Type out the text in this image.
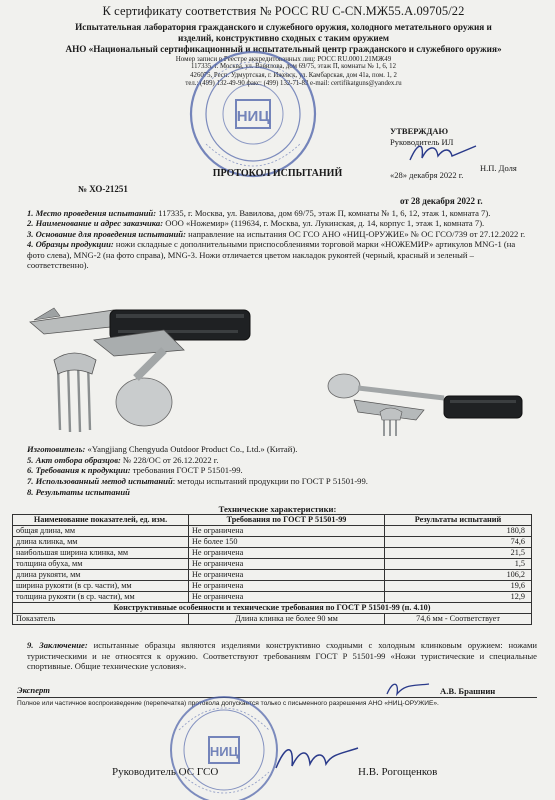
К сертификату соответствия № РОСС RU С-CN.МЖ55.А.09705/22
Испытательная лаборатория гражданского и служебного оружия, холодного метательного оружия и
изделий, конструктивно сходных с таким оружием
АНО «Национальный сертификационный и испытательный центр гражданского и служебного оружия»
Номер записи в Реестре аккредитованных лиц: РОСС RU.0001.21МЖ49
117335, г. Москва, ул. Вавилова, дом 69/75, этаж П, комнаты № 1, 6, 12
426075, Респ. Удмуртская, г. Ижевск, ул. Камбарская, дом 41а, пом. 1, 2
тел.: (499) 132-49-90 факс: (499) 132-71-83 e-mail: certifikatguns@yandex.ru
НИЦ
УТВЕРЖДАЮ
Руководитель ИЛ
Н.П. Доля
«28» декабря 2022 г.
ПРОТОКОЛ ИСПЫТАНИЙ
№ ХО-21251
от 28 декабря 2022 г.

1. Место проведения испытаний: 117335, г. Москва, ул. Вавилова, дом 69/75, этаж П, комнаты № 1, 6, 12, этаж 1, комната 7).

2. Наименование и адрес заказчика: ООО «Ножемир» (119634, г. Москва, ул. Лукинская, д. 14, корпус 1, этаж 1, комната 7).

3. Основание для проведения испытаний: направление на испытания ОС ГСО АНО «НИЦ-ОРУЖИЕ» № ОС ГСО/739 от 27.12.2022 г.

4. Образцы продукции: ножи складные с дополнительными приспособлениями торговой марки «НОЖЕМИР» артикулов MNG-1 (на фото слева), MNG-2 (на фото справа), MNG-3. Ножи отличается цветом накладок рукоятей (черный, красный и зеленый – соответственно).

Изготовитель: «Yangjiang Chengyuda Outdoor Product Co., Ltd.» (Китай).

5. Акт отбора образцов: № 228/ОС от 26.12.2022 г.

6. Требования к продукции: требования ГОСТ Р 51501-99.

7. Использованный метод испытаний: методы испытаний продукции по ГОСТ Р 51501-99.

8. Результаты испытаний

Технические характеристики:
Наименование показателей, ед. изм.	Требования по ГОСТ Р 51501-99	Результаты испытаний
общая длина, мм	Не ограничена	180,8
длина клинка, мм	Не более 150	74,6
наибольшая ширина клинка, мм	Не ограничена	21,5
толщина обуха, мм	Не ограничена	1,5
длина рукояти, мм	Не ограничена	106,2
ширина рукояти (в ср. части), мм	Не ограничена	19,6
толщина рукояти (в ср. части), мм	Не ограничена	12,9
Конструктивные особенности и технические требования по ГОСТ Р 51501-99 (п. 4.10)		
Показатель	Длина клинка не более 90 мм	74,6 мм - Соответствует
9. Заключение: испытанные образцы являются изделиями конструктивно сходными с холодным клинковым оружием: ножами туристическими и не относятся к оружию. Соответствуют требованиям ГОСТ Р 51501-99 «Ножи туристические и специальные спортивные. Общие технические условия».
Эксперт	А.В. Брашнин
Полное или частичное воспроизведение (перепечатка) протокола допускается только с письменного разрешения АНО «НИЦ-ОРУЖИЕ».
НИЦ
Руководитель ОС ГСО	Н.В. Рогощенков
